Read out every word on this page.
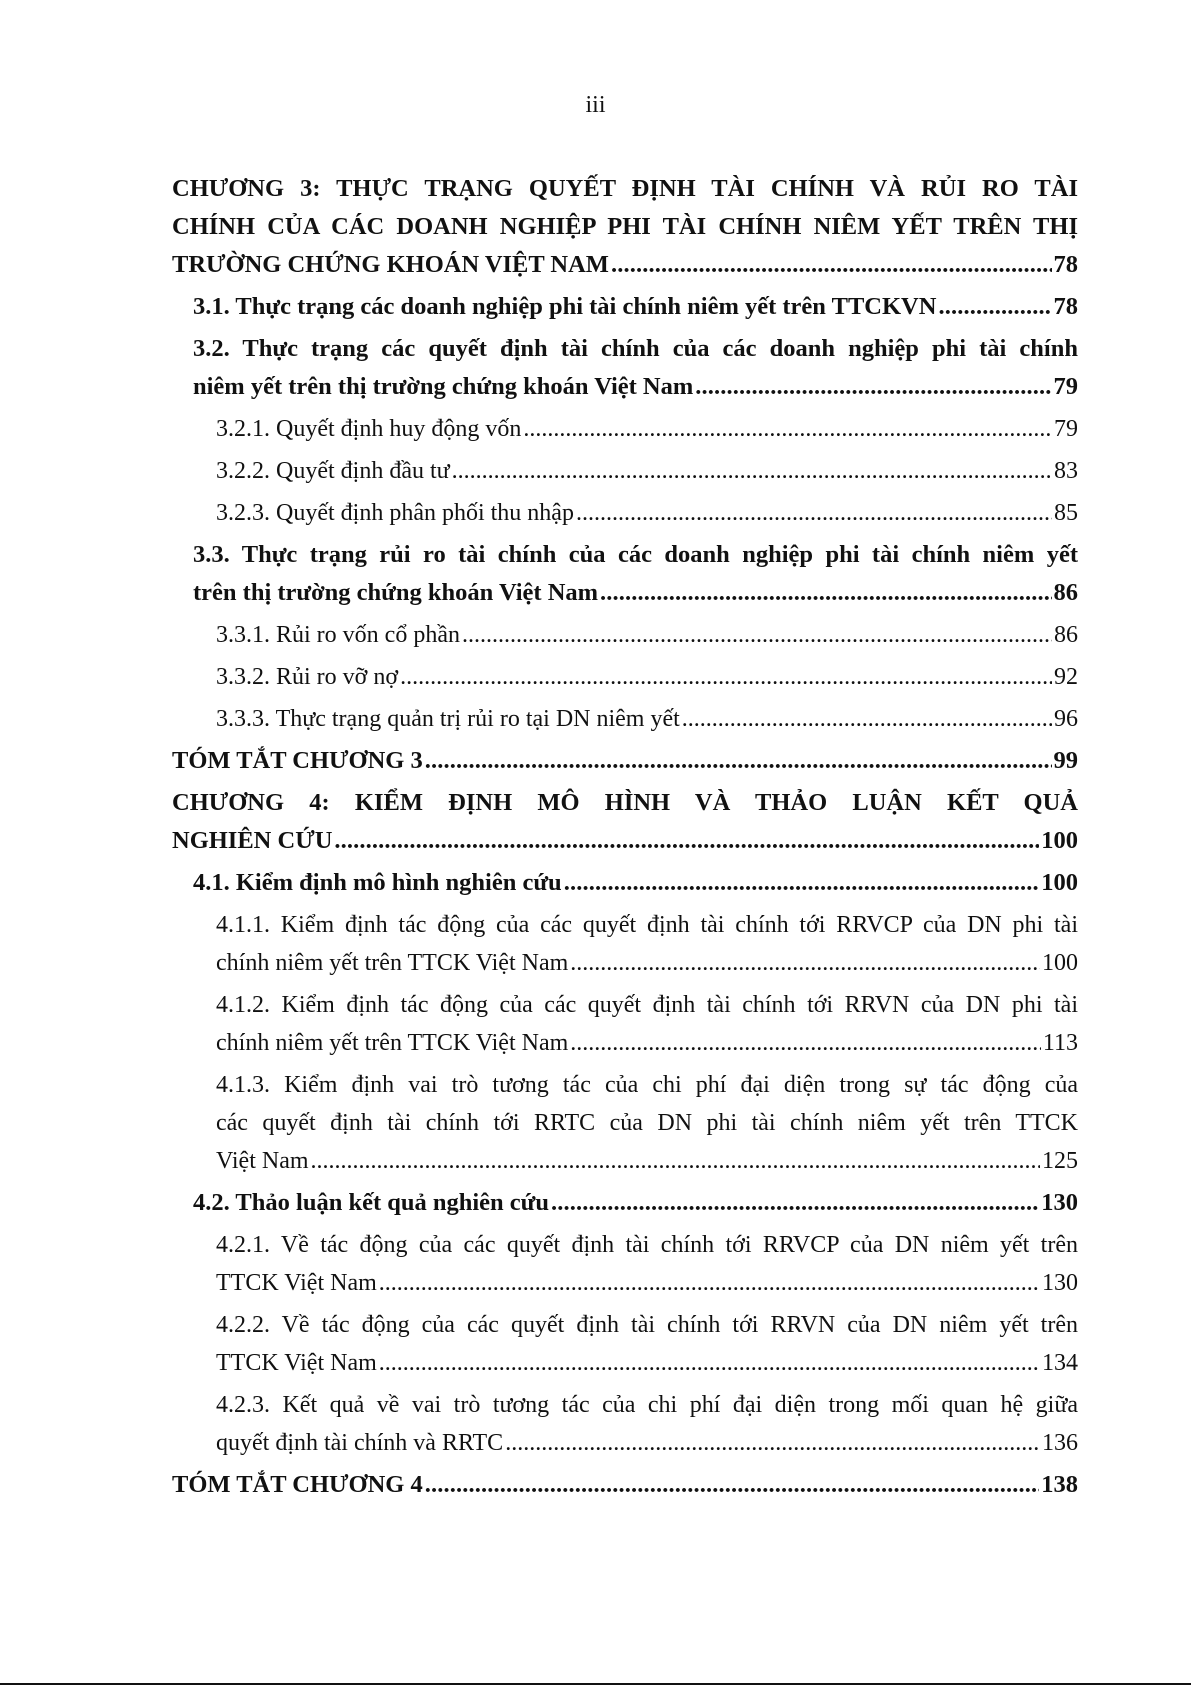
iii
CHƯƠNG 3: THỰC TRẠNG QUYẾT ĐỊNH TÀI CHÍNH VÀ RỦI RO TÀI
CHÍNH CỦA CÁC DOANH NGHIỆP PHI TÀI CHÍNH NIÊM YẾT TRÊN THỊ
TRƯỜNG CHỨNG KHOÁN VIỆT NAM . . .	78
3.1. Thực trạng các doanh nghiệp phi tài chính niêm yết trên TTCKVN . . .	78
3.2. Thực trạng các quyết định tài chính của các doanh nghiệp phi tài chính
niêm yết trên thị trường chứng khoán Việt Nam . . .	79
3.2.1. Quyết định huy động vốn . . .	79
3.2.2. Quyết định đầu tư . . .	83
3.2.3. Quyết định phân phối thu nhập . . .	85
3.3. Thực trạng rủi ro tài chính của các doanh nghiệp phi tài chính niêm yết
trên thị trường chứng khoán Việt Nam . . .	86
3.3.1. Rủi ro vốn cổ phần . . .	86
3.3.2. Rủi ro vỡ nợ . . .	92
3.3.3. Thực trạng quản trị rủi ro tại DN niêm yết . . .	96
TÓM TẮT CHƯƠNG 3 . . .	99
CHƯƠNG 4: KIỂM ĐỊNH MÔ HÌNH VÀ THẢO LUẬN KẾT QUẢ
NGHIÊN CỨU . . .	100
4.1. Kiểm định mô hình nghiên cứu . . .	100
4.1.1. Kiểm định tác động của các quyết định tài chính tới RRVCP của DN phi tài
chính niêm yết trên TTCK Việt Nam . . .	100
4.1.2. Kiểm định tác động của các quyết định tài chính tới RRVN của DN phi tài
chính niêm yết trên TTCK Việt Nam . . .	113
4.1.3. Kiểm định vai trò tương tác của chi phí đại diện trong sự tác động của
các quyết định tài chính tới RRTC của DN phi tài chính niêm yết trên TTCK
Việt Nam . . .	125
4.2. Thảo luận kết quả nghiên cứu . . .	130
4.2.1. Về tác động của các quyết định tài chính tới RRVCP của DN niêm yết trên
TTCK Việt Nam . . .	130
4.2.2. Về tác động của các quyết định tài chính tới RRVN của DN niêm yết trên
TTCK Việt Nam . . .	134
4.2.3. Kết quả về vai trò tương tác của chi phí đại diện trong mối quan hệ giữa
quyết định tài chính và RRTC . . .	136
TÓM TẮT CHƯƠNG 4 . . .	138
